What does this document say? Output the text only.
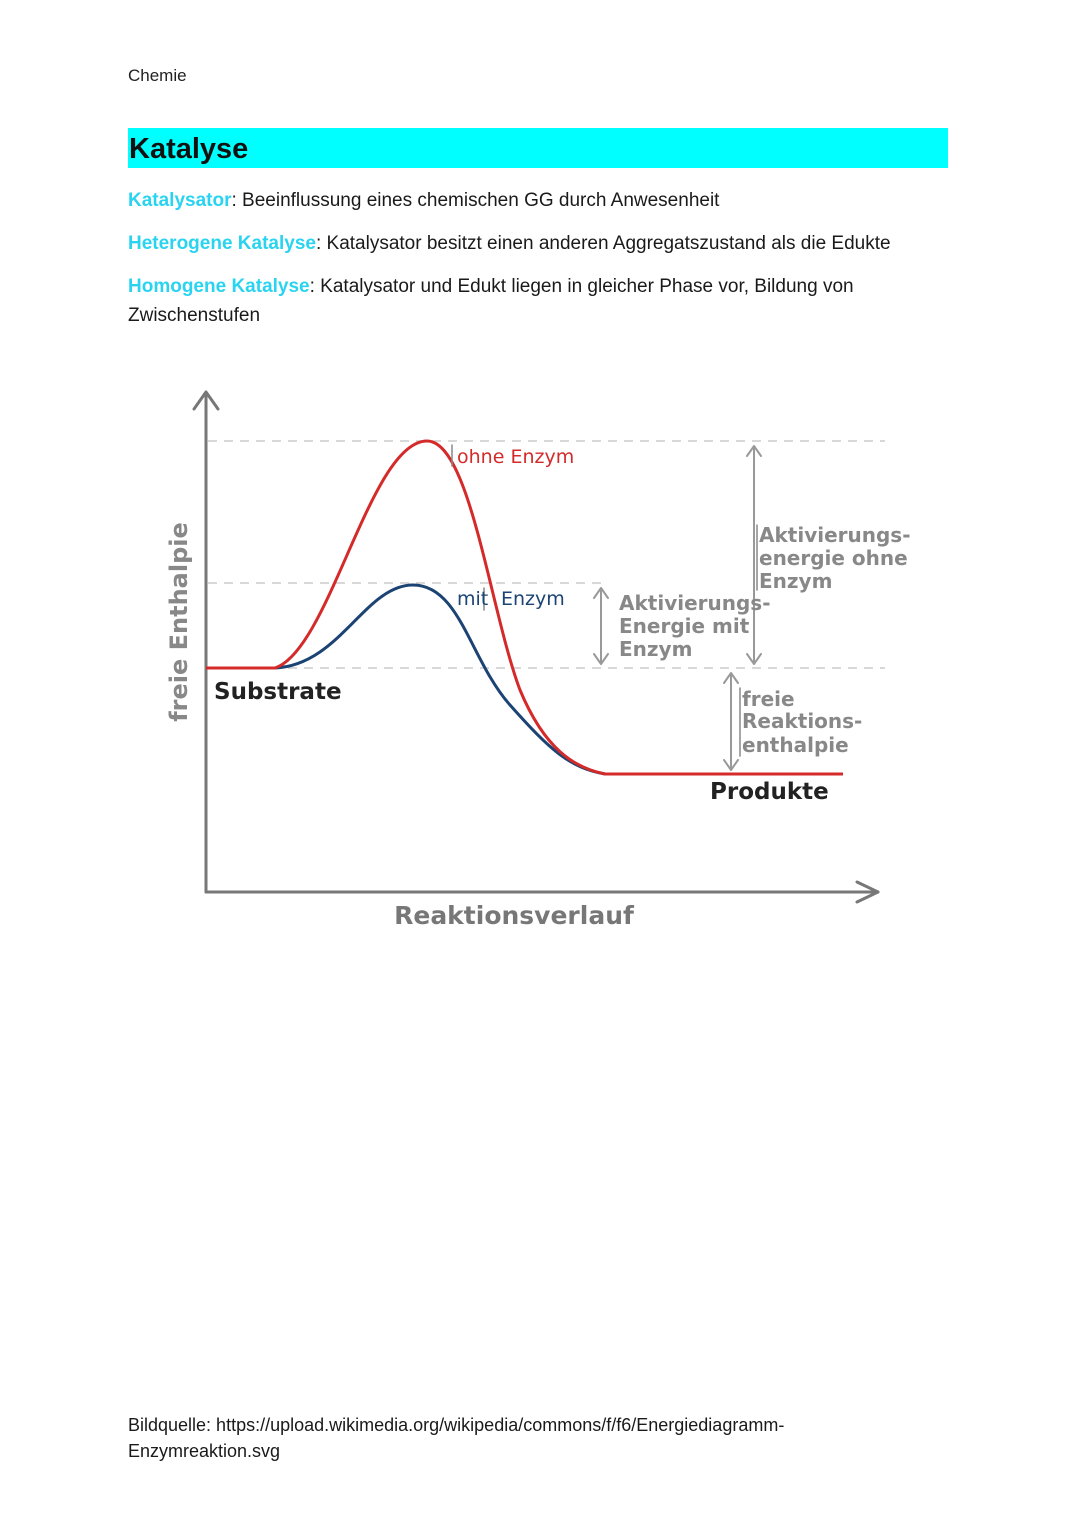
Chemie
Katalyse
Katalysator: Beeinflussung eines chemischen GG durch Anwesenheit
Heterogene Katalyse: Katalysator besitzt einen anderen Aggregatszustand als die Edukte
Homogene Katalyse: Katalysator und Edukt liegen in gleicher Phase vor, Bildung von Zwischenstufen
freie Enthalpie
Reaktionsverlauf
ohne Enzym
mit Enzym
Substrate
Produkte
Aktivierungs-
Energie mit
Enzym
Aktivierungs-
energie ohne
Enzym
freie
Reaktions-
enthalpie
Bildquelle: https://upload.wikimedia.org/wikipedia/commons/f/f6/Energiediagramm-Enzymreaktion.svg
